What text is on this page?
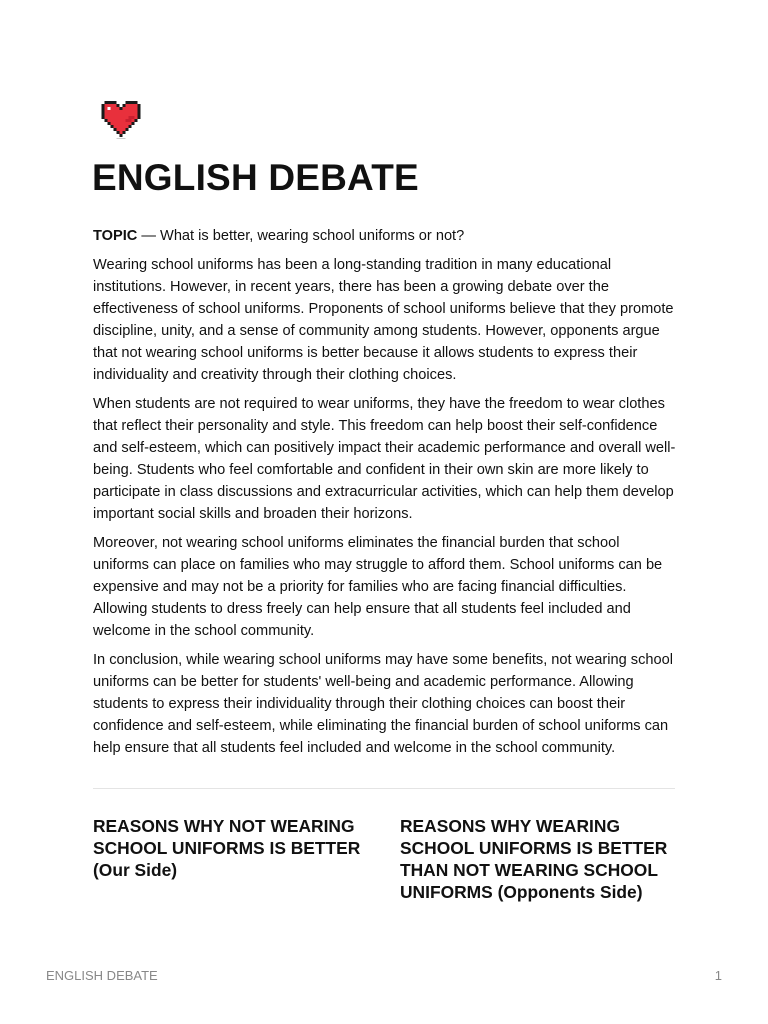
ENGLISH DEBATE

TOPIC — What is better, wearing school uniforms or not?

Wearing school uniforms has been a long-standing tradition in many educational institutions. However, in recent years, there has been a growing debate over the effectiveness of school uniforms. Proponents of school uniforms believe that they promote discipline, unity, and a sense of community among students. However, opponents argue that not wearing school uniforms is better because it allows students to express their individuality and creativity through their clothing choices.

When students are not required to wear uniforms, they have the freedom to wear clothes that reflect their personality and style. This freedom can help boost their self-confidence and self-esteem, which can positively impact their academic performance and overall well-being. Students who feel comfortable and confident in their own skin are more likely to participate in class discussions and extracurricular activities, which can help them develop important social skills and broaden their horizons.

Moreover, not wearing school uniforms eliminates the financial burden that school uniforms can place on families who may struggle to afford them. School uniforms can be expensive and may not be a priority for families who are facing financial difficulties. Allowing students to dress freely can help ensure that all students feel included and welcome in the school community.

In conclusion, while wearing school uniforms may have some benefits, not wearing school uniforms can be better for students' well-being and academic performance. Allowing students to express their individuality through their clothing choices can boost their confidence and self-esteem, while eliminating the financial burden of school uniforms can help ensure that all students feel included and welcome in the school community.

REASONS WHY NOT WEARING SCHOOL UNIFORMS IS BETTER (Our Side)
REASONS WHY WEARING SCHOOL UNIFORMS IS BETTER THAN NOT WEARING SCHOOL UNIFORMS (Opponents Side)
ENGLISH DEBATE	1
